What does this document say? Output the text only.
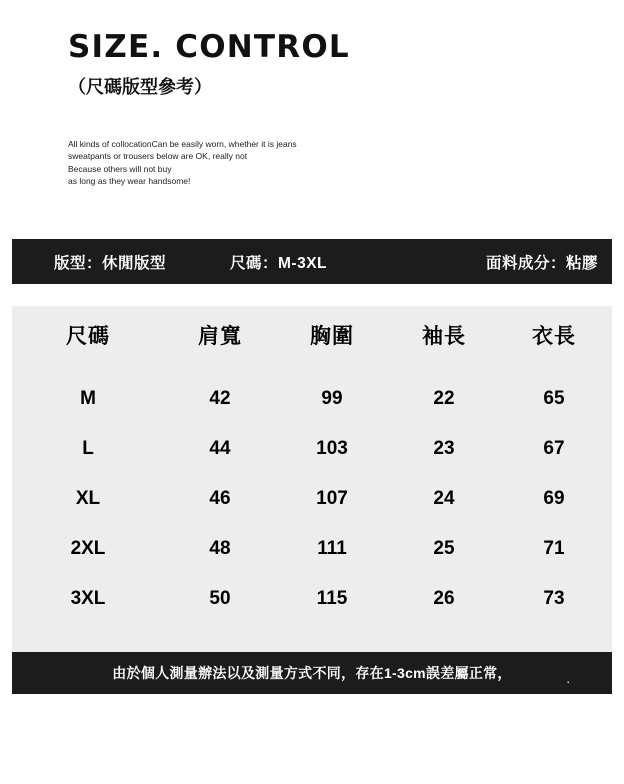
SIZE. CONTROL
（尺碼版型參考）
All kinds of collocationCan be easily worn, whether it is jeans
sweatpants or trousers below are OK, really not
Because others will not buy
as long as they wear handsome!
版型：休閒版型	尺碼：M-3XL	面料成分：粘膠
尺碼	肩寬	胸圍	袖長	衣長
M	42	99	22	65
L	44	103	23	67
XL	46	107	24	69
2XL	48	111	25	71
3XL	50	115	26	73
由於個人測量辦法以及測量方式不同，存在1-3cm誤差屬正常，	.
